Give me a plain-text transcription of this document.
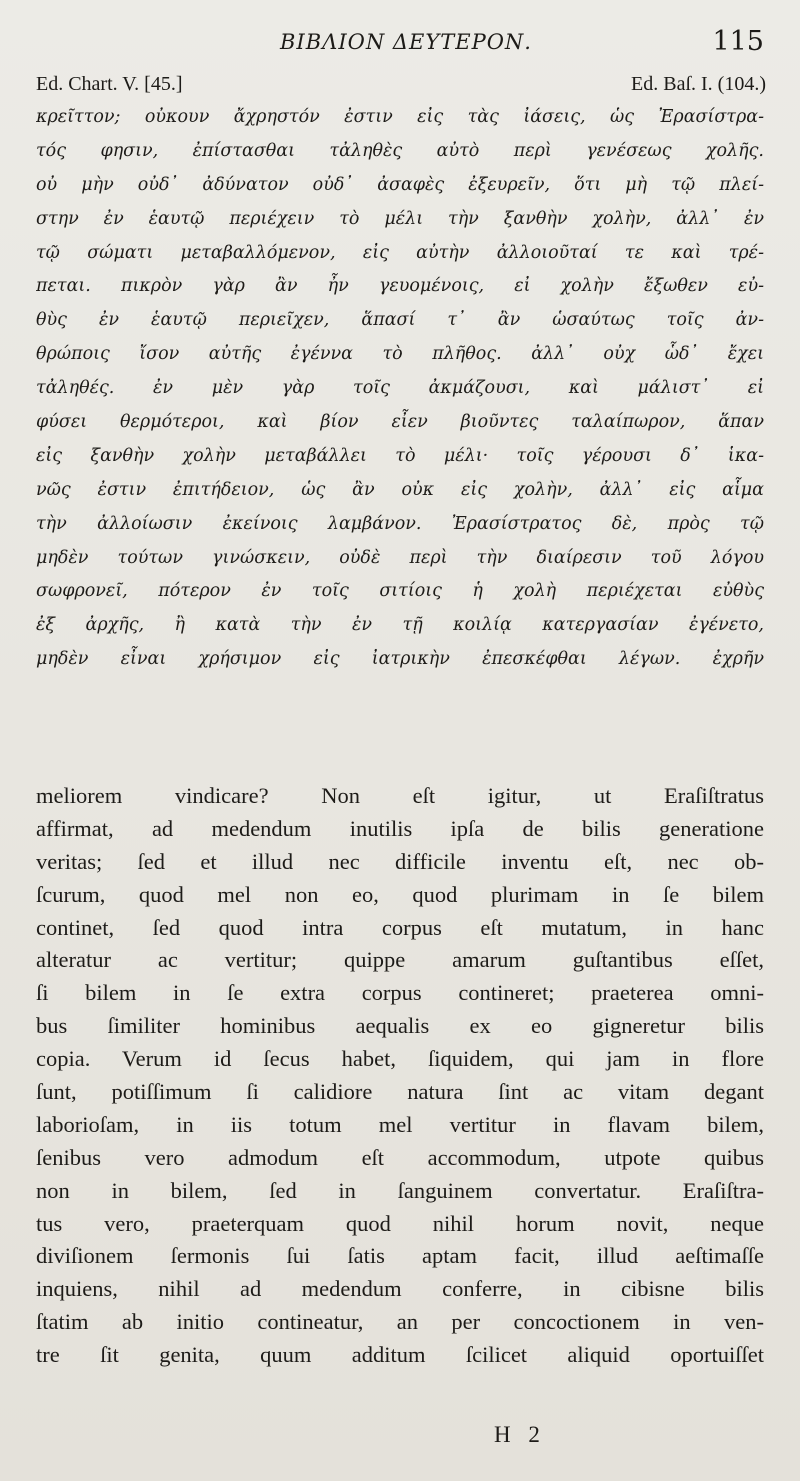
ΒΙΒΛΙΟΝ ΔΕΥΤΕΡΟΝ.	115
Ed. Chart. V. [45.]	Ed. Baſ. I. (104.)
κρεῖττον; οὐκουν ἄχρηστόν ἐστιν εἰς τὰς ἰάσεις, ὡς Ἐρασίστρα-
τός φησιν, ἐπίστασθαι τἀληθὲς αὐτὸ περὶ γενέσεως χολῆς.
οὐ μὴν οὐδ᾽ ἀδύνατον οὐδ᾽ ἀσαφὲς ἐξευρεῖν, ὅτι μὴ τῷ πλεί-
στην ἐν ἑαυτῷ περιέχειν τὸ μέλι τὴν ξανθὴν χολὴν, ἀλλ᾽ ἐν
τῷ σώματι μεταβαλλόμενον, εἰς αὐτὴν ἀλλοιοῦταί τε καὶ τρέ-
πεται. πικρὸν γὰρ ἂν ἦν γευομένοις, εἰ χολὴν ἔξωθεν εὐ-
θὺς ἐν ἑαυτῷ περιεῖχεν, ἅπασί τ᾽ ἂν ὡσαύτως τοῖς ἀν-
θρώποις ἴσον αὐτῆς ἐγέννα τὸ πλῆθος. ἀλλ᾽ οὐχ ὧδ᾽ ἔχει
τἀληθές. ἐν μὲν γὰρ τοῖς ἀκμάζουσι, καὶ μάλιστ᾽ εἰ
φύσει θερμότεροι, καὶ βίον εἶεν βιοῦντες ταλαίπωρον, ἅπαν
εἰς ξανθὴν χολὴν μεταβάλλει τὸ μέλι· τοῖς γέρουσι δ᾽ ἱκα-
νῶς ἐστιν ἐπιτήδειον, ὡς ἂν οὐκ εἰς χολὴν, ἀλλ᾽ εἰς αἷμα
τὴν ἀλλοίωσιν ἐκείνοις λαμβάνον. Ἐρασίστρατος δὲ, πρὸς τῷ
μηδὲν τούτων γινώσκειν, οὐδὲ περὶ τὴν διαίρεσιν τοῦ λόγου
σωφρονεῖ, πότερον ἐν τοῖς σιτίοις ἡ χολὴ περιέχεται εὐθὺς
ἐξ ἀρχῆς, ἢ κατὰ τὴν ἐν τῇ κοιλίᾳ κατεργασίαν ἐγένετο,
μηδὲν εἶναι χρήσιμον εἰς ἰατρικὴν ἐπεσκέφθαι λέγων. ἐχρῆν
meliorem vindicare? Non eſt igitur, ut Eraſiſtratus
affirmat, ad medendum inutilis ipſa de bilis generatione
veritas; ſed et illud nec difficile inventu eſt, nec ob-
ſcurum, quod mel non eo, quod plurimam in ſe bilem
continet, ſed quod intra corpus eſt mutatum, in hanc
alteratur ac vertitur; quippe amarum guſtantibus eſſet,
ſi bilem in ſe extra corpus contineret; praeterea omni-
bus ſimiliter hominibus aequalis ex eo gigneretur bilis
copia. Verum id ſecus habet, ſiquidem, qui jam in flore
ſunt, potiſſimum ſi calidiore natura ſint ac vitam degant
laborioſam, in iis totum mel vertitur in flavam bilem,
ſenibus vero admodum eſt accommodum, utpote quibus
non in bilem, ſed in ſanguinem convertatur. Eraſiſtra-
tus vero, praeterquam quod nihil horum novit, neque
diviſionem ſermonis ſui ſatis aptam facit, illud aeſtimaſſe
inquiens, nihil ad medendum conferre, in cibisne bilis
ſtatim ab initio contineatur, an per concoctionem in ven-
tre ſit genita, quum additum ſcilicet aliquid oportuiſſet
H 2
